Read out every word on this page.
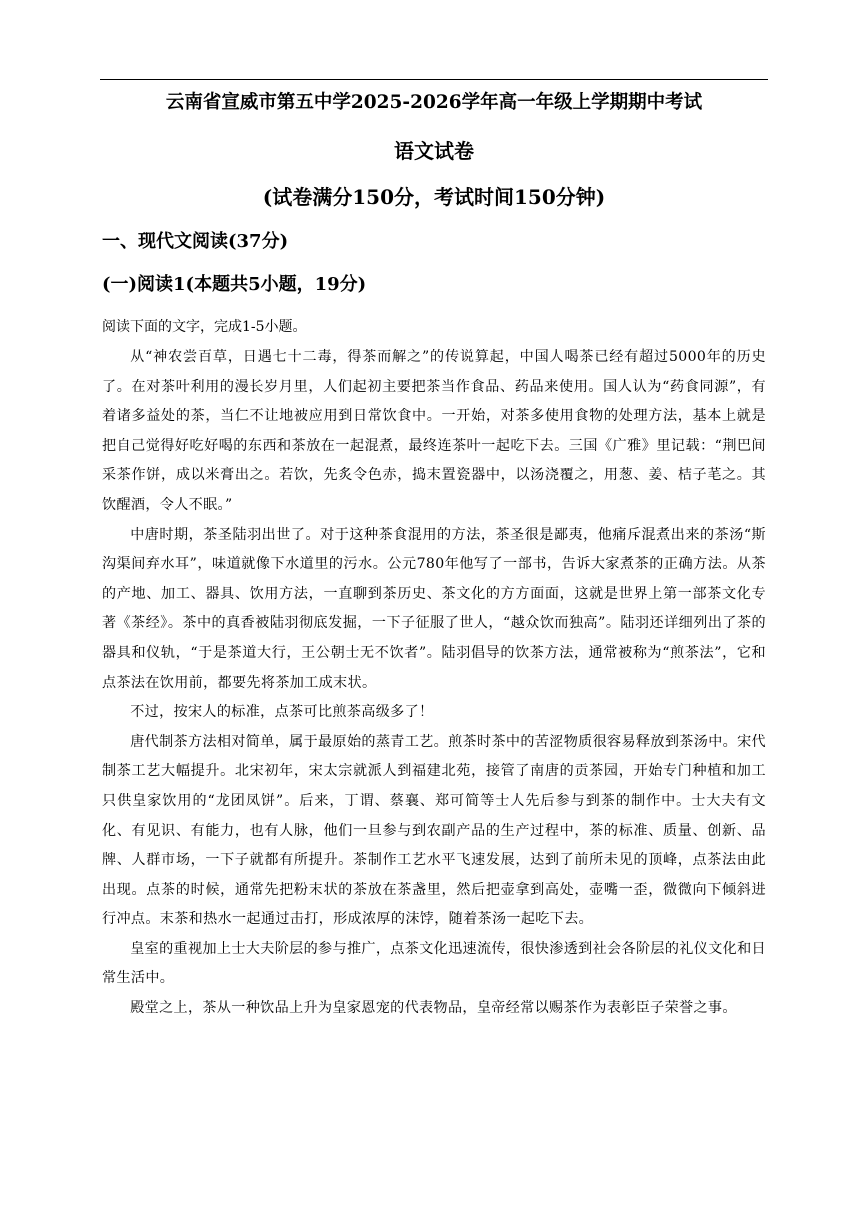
云南省宣威市第五中学2025-2026学年高一年级上学期期中考试
语文试卷
(试卷满分150分，考试时间150分钟)
一、现代文阅读(37分)
(一)阅读1(本题共5小题，19分)

阅读下面的文字，完成1-5小题。

从“神农尝百草，日遇七十二毒，得茶而解之”的传说算起，中国人喝茶已经有超过5000年的历史了。在对茶叶利用的漫长岁月里，人们起初主要把茶当作食品、药品来使用。国人认为“药食同源”，有着诸多益处的茶，当仁不让地被应用到日常饮食中。一开始，对茶多使用食物的处理方法，基本上就是把自己觉得好吃好喝的东西和茶放在一起混煮，最终连茶叶一起吃下去。三国《广雅》里记载：“荆巴间采茶作饼，成以米膏出之。若饮，先炙令色赤，捣末置瓷器中，以汤浇覆之，用葱、姜、桔子芼之。其饮醒酒，令人不眠。”

中唐时期，茶圣陆羽出世了。对于这种茶食混用的方法，茶圣很是鄙夷，他痛斥混煮出来的茶汤“斯沟渠间弃水耳”，味道就像下水道里的污水。公元780年他写了一部书，告诉大家煮茶的正确方法。从茶的产地、加工、器具、饮用方法，一直聊到茶历史、茶文化的方方面面，这就是世界上第一部茶文化专著《茶经》。茶中的真香被陆羽彻底发掘，一下子征服了世人，“越众饮而独高”。陆羽还详细列出了茶的器具和仪轨，“于是茶道大行，王公朝士无不饮者”。陆羽倡导的饮茶方法，通常被称为“煎茶法”，它和点茶法在饮用前，都要先将茶加工成末状。

不过，按宋人的标准，点茶可比煎茶高级多了！

唐代制茶方法相对简单，属于最原始的蒸青工艺。煎茶时茶中的苦涩物质很容易释放到茶汤中。宋代制茶工艺大幅提升。北宋初年，宋太宗就派人到福建北苑，接管了南唐的贡茶园，开始专门种植和加工只供皇家饮用的“龙团凤饼”。后来，丁谓、蔡襄、郑可简等士人先后参与到茶的制作中。士大夫有文化、有见识、有能力，也有人脉，他们一旦参与到农副产品的生产过程中，茶的标准、质量、创新、品牌、人群市场，一下子就都有所提升。茶制作工艺水平飞速发展，达到了前所未见的顶峰，点茶法由此出现。点茶的时候，通常先把粉末状的茶放在茶盏里，然后把壶拿到高处，壶嘴一歪，微微向下倾斜进行冲点。末茶和热水一起通过击打，形成浓厚的沫饽，随着茶汤一起吃下去。

皇室的重视加上士大夫阶层的参与推广，点茶文化迅速流传，很快渗透到社会各阶层的礼仪文化和日常生活中。

殿堂之上，茶从一种饮品上升为皇家恩宠的代表物品，皇帝经常以赐茶作为表彰臣子荣誉之事。
